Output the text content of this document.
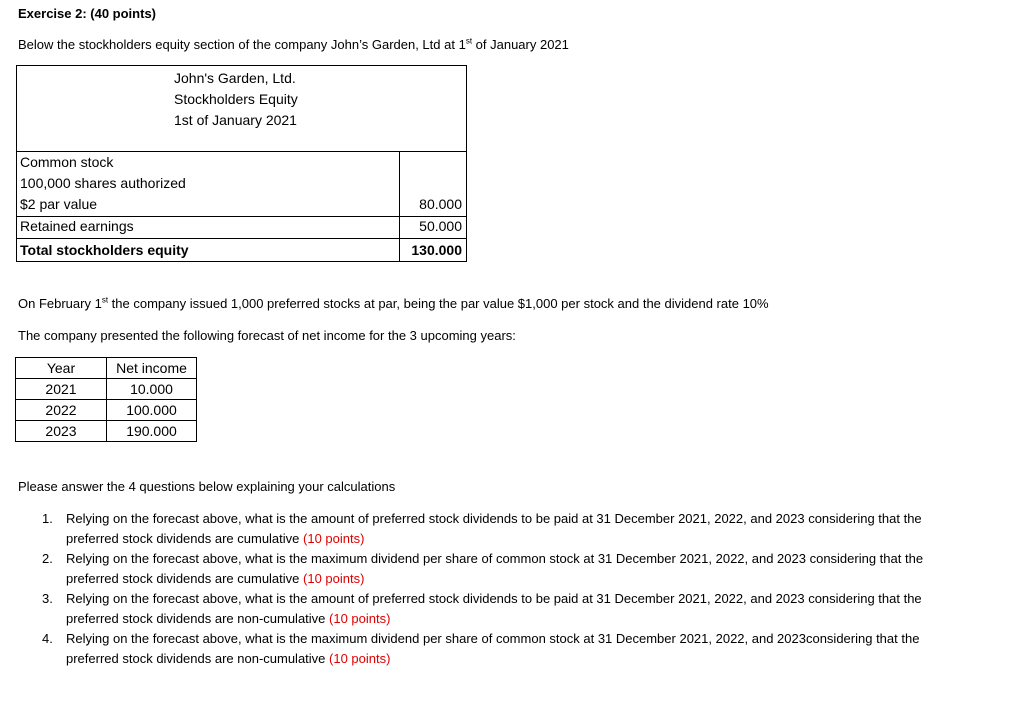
Exercise 2: (40 points)
Below the stockholders equity section of the company John’s Garden, Ltd at 1st of January 2021
John's Garden, Ltd.
Stockholders Equity
1st of January 2021
Common stock
100,000 shares authorized
$2 par value	80.000
Retained earnings	50.000
Total stockholders equity	130.000
On February 1st the company issued 1,000 preferred stocks at par, being the par value $1,000 per stock and the dividend rate 10%
The company presented the following forecast of net income for the 3 upcoming years:
Year	Net income
2021	10.000
2022	100.000
2023	190.000
Please answer the 4 questions below explaining your calculations
1. Relying on the forecast above, what is the amount of preferred stock dividends to be paid at 31 December 2021, 2022, and 2023 considering that the
preferred stock dividends are cumulative (10 points)
2. Relying on the forecast above, what is the maximum dividend per share of common stock at 31 December 2021, 2022, and 2023 considering that the
preferred stock dividends are cumulative (10 points)
3. Relying on the forecast above, what is the amount of preferred stock dividends to be paid at 31 December 2021, 2022, and 2023 considering that the
preferred stock dividends are non-cumulative (10 points)
4. Relying on the forecast above, what is the maximum dividend per share of common stock at 31 December 2021, 2022, and 2023considering that the
preferred stock dividends are non-cumulative (10 points)
